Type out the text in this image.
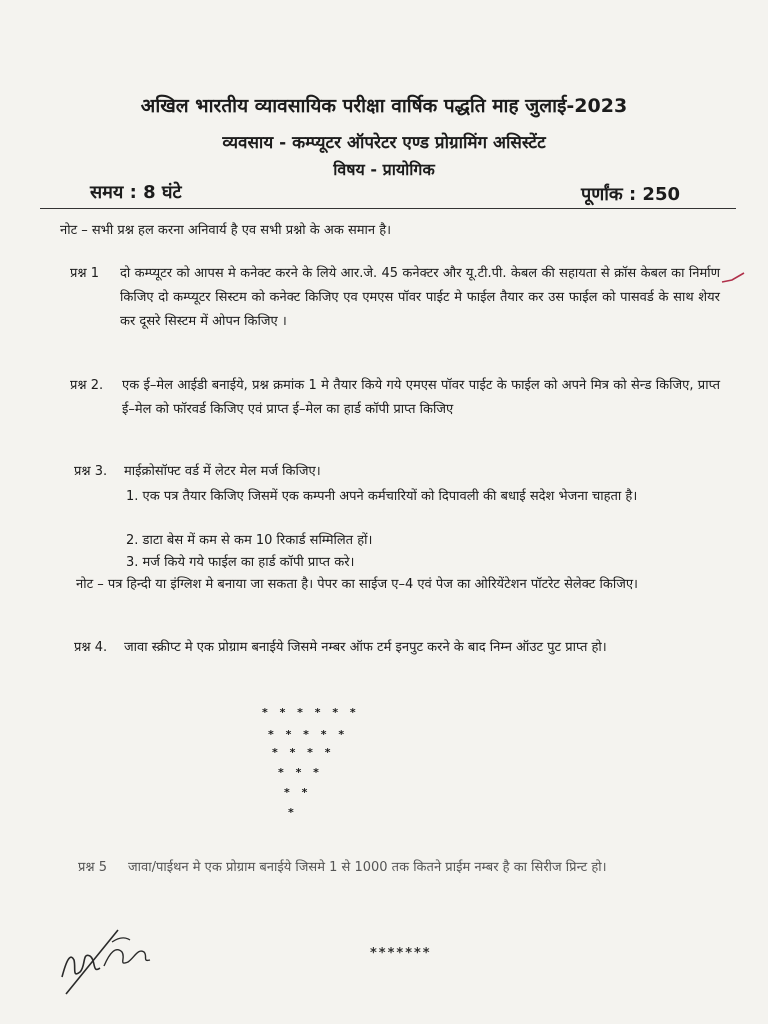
अखिल भारतीय व्यावसायिक परीक्षा वार्षिक पद्धति माह जुलाई-2023
व्यवसाय - कम्प्यूटर ऑपरेटर एण्ड प्रोग्रामिंग असिस्टेंट
विषय - प्रायोगिक
समय : 8 घंटे	पूर्णांक : 250
नोट – सभी प्रश्न हल करना अनिवार्य है एव सभी प्रश्नो के अक समान है।
प्रश्न 1 दो कम्प्यूटर को आपस मे कनेक्ट करने के लिये आर.जे. 45 कनेक्टर और यू.टी.पी. केबल की सहायता से क्रॉस केबल का निर्माण किजिए दो कम्प्यूटर सिस्टम को कनेक्ट किजिए एव एमएस पॉवर पाईट मे फाईल तैयार कर उस फाईल को पासवर्ड के साथ शेयर कर दूसरे सिस्टम में ओपन किजिए ।
प्रश्न 2. एक ई–मेल आईडी बनाईये, प्रश्न क्रमांक 1 मे तैयार किये गये एमएस पॉवर पाईट के फाईल को अपने मित्र को सेन्ड किजिए, प्राप्त ई–मेल को फॉरवर्ड किजिए एवं प्राप्त ई–मेल का हार्ड कॉपी प्राप्त किजिए
प्रश्न 3. माईक्रोसॉफ्ट वर्ड में लेटर मेल मर्ज किजिए।
1. एक पत्र तैयार किजिए जिसमें एक कम्पनी अपने कर्मचारियों को दिपावली की बधाई सदेश भेजना चाहता है।
2. डाटा बेस में कम से कम 10 रिकार्ड सम्मिलित हों।
3. मर्ज किये गये फाईल का हार्ड कॉपी प्राप्त करे।
नोट – पत्र हिन्दी या इंग्लिश मे बनाया जा सकता है। पेपर का साईज ए–4 एवं पेज का ओरियेंटेशन पॉटरेट सेलेक्ट किजिए।
प्रश्न 4. जावा स्क्रीप्ट मे एक प्रोग्राम बनाईये जिसमे नम्बर ऑफ टर्म इनपुट करने के बाद निम्न ऑउट पुट प्राप्त हो।
* * * * * *
* * * * *
* * * *
* * *
* *
*
प्रश्न 5 जावा/पाईथन मे एक प्रोग्राम बनाईये जिसमे 1 से 1000 तक कितने प्राईम नम्बर है का सिरीज प्रिन्ट हो।
*******
